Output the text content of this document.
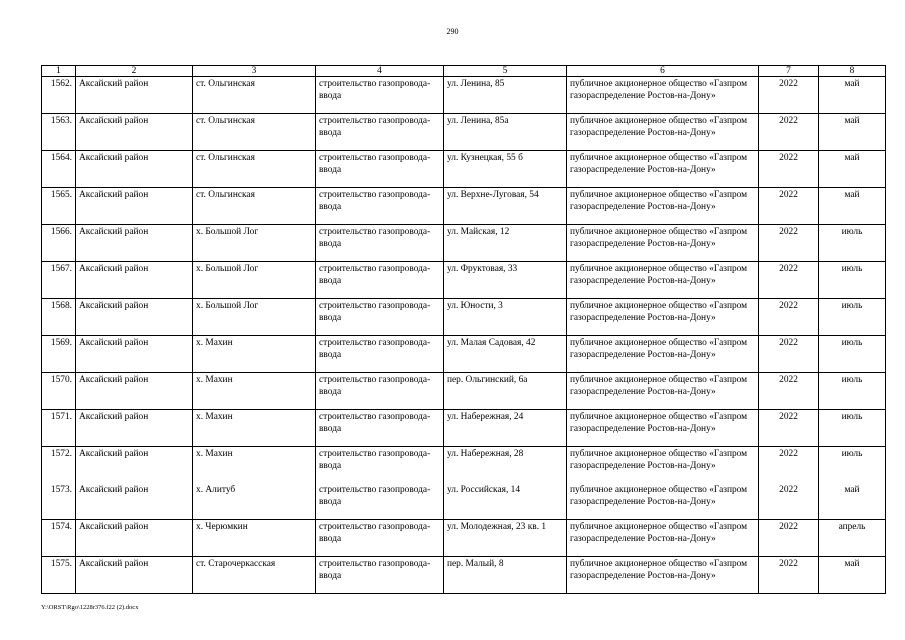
290
1	2	3	4	5	6	7	8
1562.	Аксайский район	ст. Ольгинская	строительство газопровода-ввода	ул. Ленина, 85	публичное акционерное общество «Газпром газораспределение Ростов-на-Дону»	2022	май
1563.	Аксайский район	ст. Ольгинская	строительство газопровода-ввода	ул. Ленина, 85а	публичное акционерное общество «Газпром газораспределение Ростов-на-Дону»	2022	май
1564.	Аксайский район	ст. Ольгинская	строительство газопровода-ввода	ул. Кузнецкая, 55 б	публичное акционерное общество «Газпром газораспределение Ростов-на-Дону»	2022	май
1565.	Аксайский район	ст. Ольгинская	строительство газопровода-ввода	ул. Верхне-Луговая, 54	публичное акционерное общество «Газпром газораспределение Ростов-на-Дону»	2022	май
1566.	Аксайский район	х. Большой Лог	строительство газопровода-ввода	ул. Майская, 12	публичное акционерное общество «Газпром газораспределение Ростов-на-Дону»	2022	июль
1567.	Аксайский район	х. Большой Лог	строительство газопровода-ввода	ул. Фруктовая, 33	публичное акционерное общество «Газпром газораспределение Ростов-на-Дону»	2022	июль
1568.	Аксайский район	х. Большой Лог	строительство газопровода-ввода	ул. Юности, 3	публичное акционерное общество «Газпром газораспределение Ростов-на-Дону»	2022	июль
1569.	Аксайский район	х. Махин	строительство газопровода-ввода	ул. Малая Садовая, 42	публичное акционерное общество «Газпром газораспределение Ростов-на-Дону»	2022	июль
1570.	Аксайский район	х. Махин	строительство газопровода-ввода	пер. Ольгинский, 6а	публичное акционерное общество «Газпром газораспределение Ростов-на-Дону»	2022	июль
1571.	Аксайский район	х. Махин	строительство газопровода-ввода	ул. Набережная, 24	публичное акционерное общество «Газпром газораспределение Ростов-на-Дону»	2022	июль
1572.	Аксайский район	х. Махин	строительство газопровода-ввода	ул. Набережная, 28	публичное акционерное общество «Газпром газораспределение Ростов-на-Дону»	2022	июль
1573.	Аксайский район	х. Алитуб	строительство газопровода-ввода	ул. Российская, 14	публичное акционерное общество «Газпром газораспределение Ростов-на-Дону»	2022	май
1574.	Аксайский район	х. Черюмкин	строительство газопровода-ввода	ул. Молодежная, 23 кв. 1	публичное акционерное общество «Газпром газораспределение Ростов-на-Дону»	2022	апрель
1575.	Аксайский район	ст. Старочеркасская	строительство газопровода-ввода	пер. Малый, 8	публичное акционерное общество «Газпром газораспределение Ростов-на-Дону»	2022	май
Y:\ORST\Rgo\1228r376.f22 (2).docx
